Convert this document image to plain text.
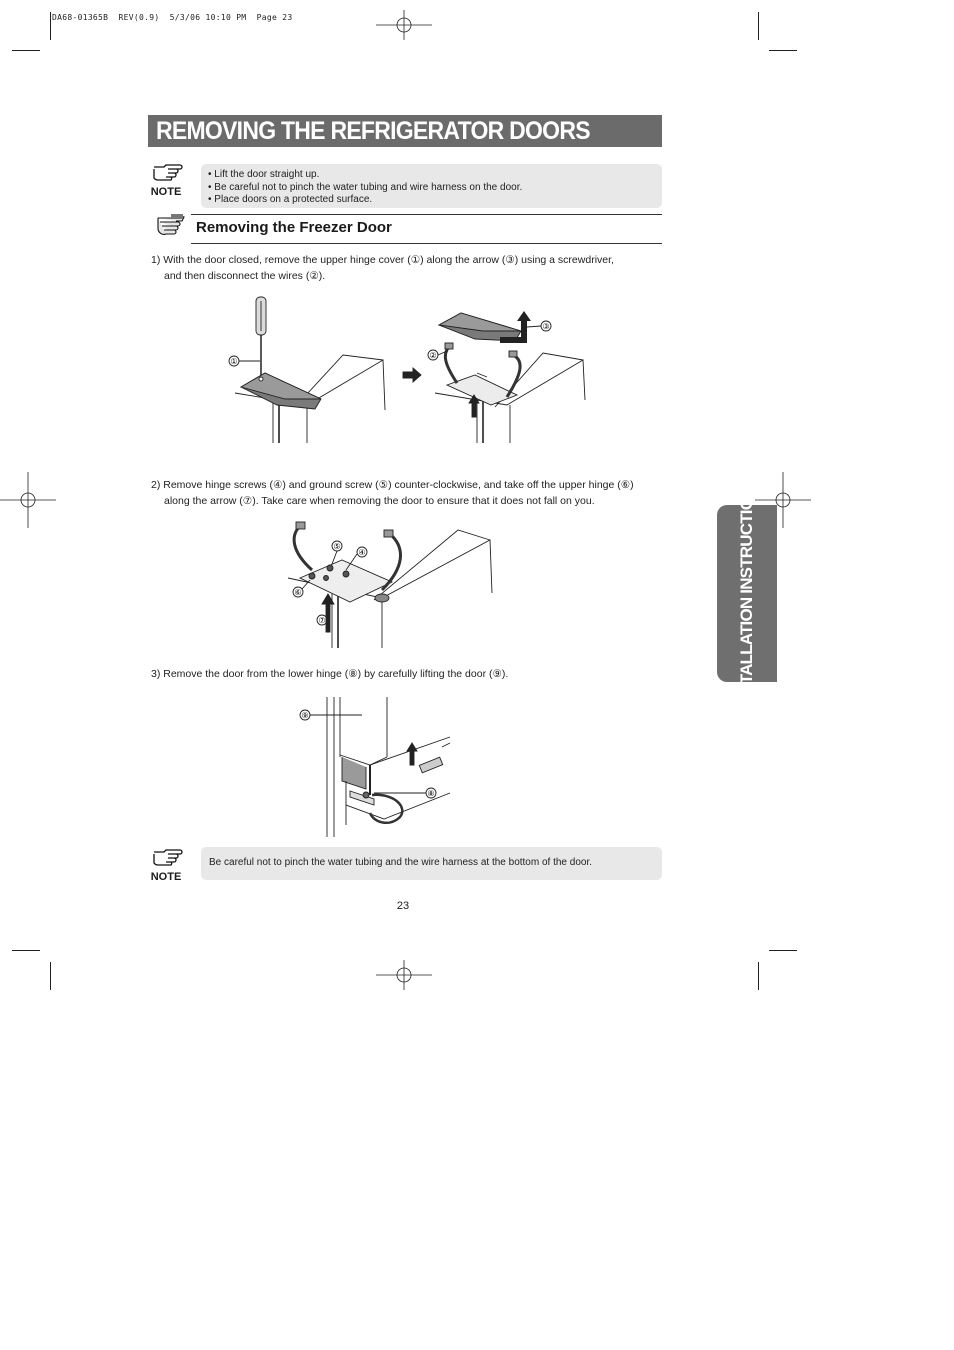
DA68-01365B  REV(0.9)  5/3/06 10:10 PM  Page 23
REMOVING THE REFRIGERATOR DOORS
NOTE
• Lift the door straight up.
• Be careful not to pinch the water tubing and wire harness on the door.
• Place doors on a protected surface.
Removing the Freezer Door
1) With the door closed, remove the upper hinge cover (①) along the arrow (③) using a screwdriver,
and then disconnect the wires (②).
①
②
③
2) Remove hinge screws (④) and ground screw (⑤) counter-clockwise, and take off the upper hinge (⑥)
along the arrow (⑦). Take care when removing the door to ensure that it does not fall on you.
④
⑤
⑥
⑦
3) Remove the door from the lower hinge (⑧) by carefully lifting the door (⑨).
⑨
⑧
NOTE
Be careful not to pinch the water tubing and the wire harness at the bottom of the door.
23
INSTALLATION INSTRUCTIONS
